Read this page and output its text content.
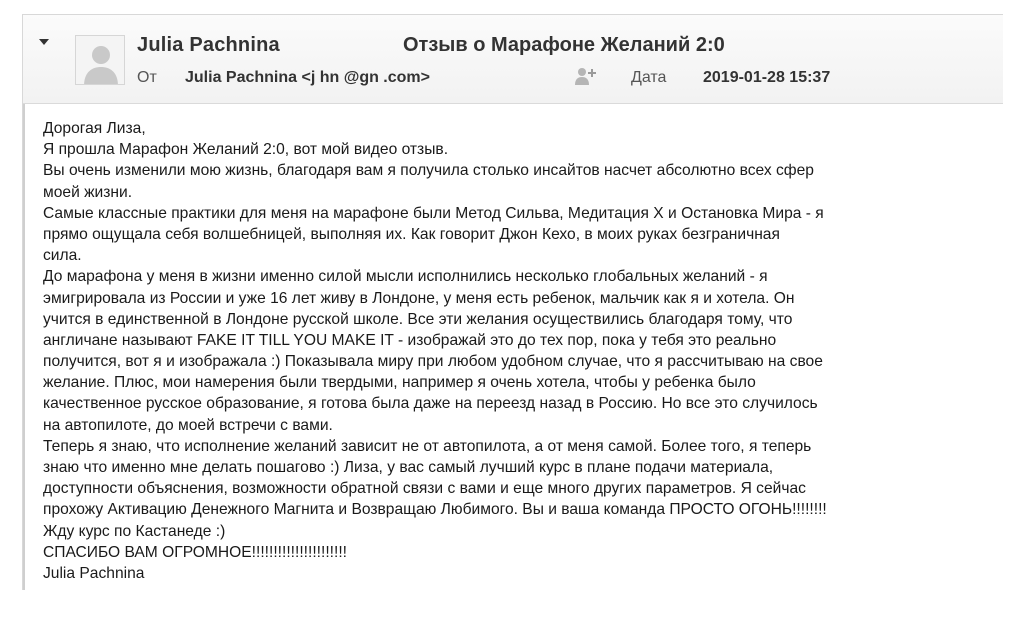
Julia Pachnina	Отзыв о Марафоне Желаний 2:0
От Julia Pachnina <j hn @gn .com>	Дата 2019-01-28 15:37
Дорогая Лиза,
Я прошла Марафон Желаний 2:0, вот мой видео отзыв.
Вы очень изменили мою жизнь, благодаря вам я получила столько инсайтов насчет абсолютно всех сфер
моей жизни.
Самые классные практики для меня на марафоне были Метод Сильва, Медитация Х и Остановка Мира - я
прямо ощущала себя волшебницей, выполняя их. Как говорит Джон Кехо, в моих руках безграничная
сила.
До марафона у меня в жизни именно силой мысли исполнились несколько глобальных желаний - я
эмигрировала из России и уже 16 лет живу в Лондоне, у меня есть ребенок, мальчик как я и хотела. Он
учится в единственной в Лондоне русской школе. Все эти желания осуществились благодаря тому, что
англичане называют FAKE IT TILL YOU MAKE IT - изображай это до тех пор, пока у тебя это реально
получится, вот я и изображала :) Показывала миру при любом удобном случае, что я рассчитываю на свое
желание. Плюс, мои намерения были твердыми, например я очень хотела, чтобы у ребенка было
качественное русское образование, я готова была даже на переезд назад в Россию. Но все это случилось
на автопилоте, до моей встречи с вами.
Теперь я знаю, что исполнение желаний зависит не от автопилота, а от меня самой. Более того, я теперь
знаю что именно мне делать пошагово :) Лиза, у вас самый лучший курс в плане подачи материала,
доступности объяснения, возможности обратной связи с вами и еще много других параметров. Я сейчас
прохожу Активацию Денежного Магнита и Возвращаю Любимого. Вы и ваша команда ПРОСТО ОГОНЬ!!!!!!!!
Жду курс по Кастанеде :)
СПАСИБО ВАМ ОГРОМНОЕ!!!!!!!!!!!!!!!!!!!!!!
Julia Pachnina
